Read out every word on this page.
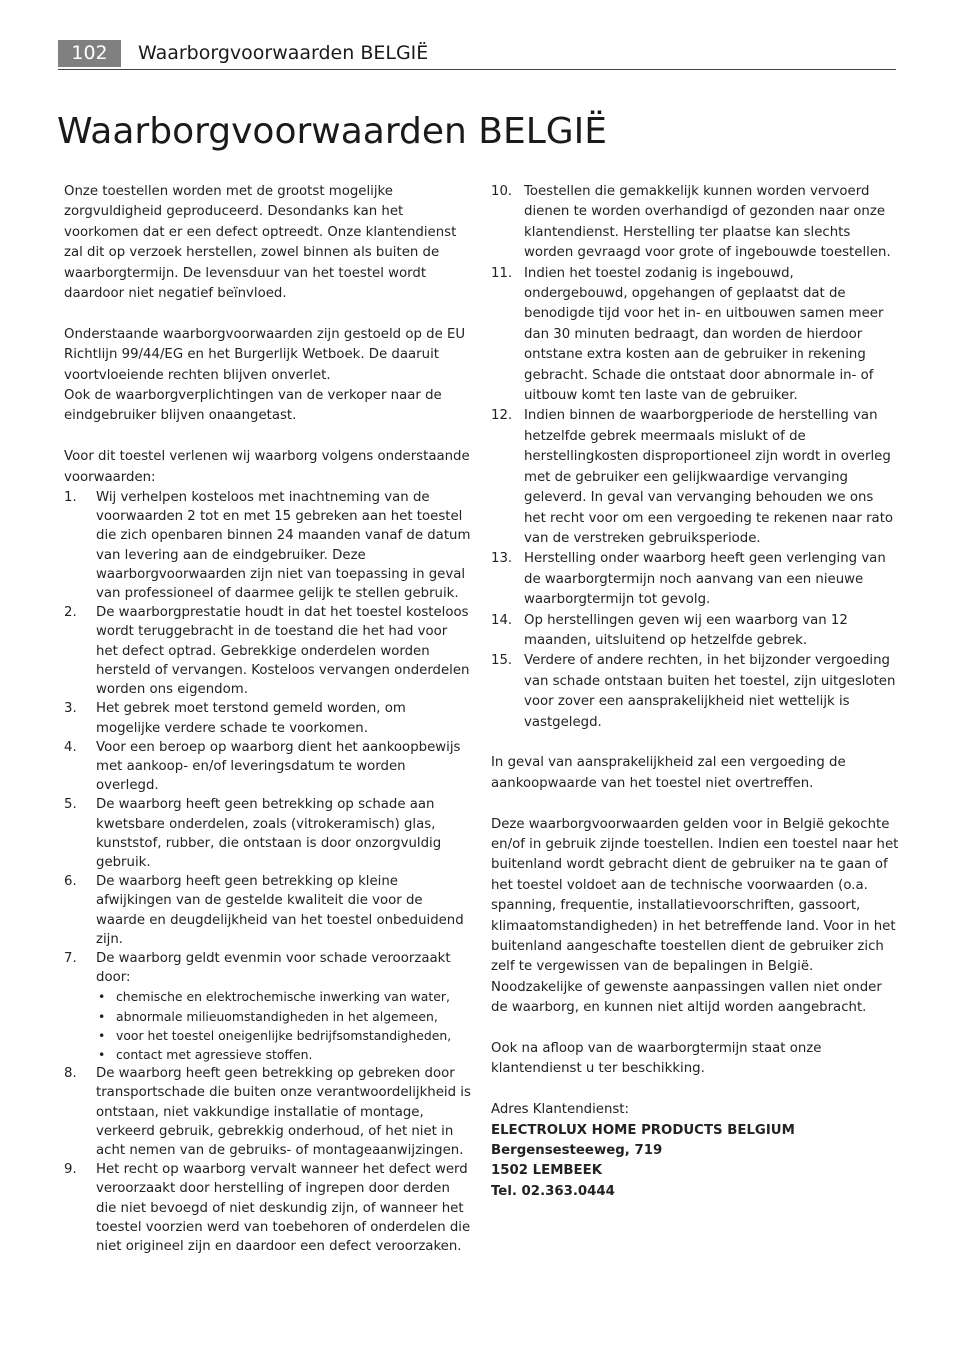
102	Waarborgvoorwaarden BELGIË
Waarborgvoorwaarden BELGIË

Onze toestellen worden met de grootst mogelijke zorgvuldigheid geproduceerd. Desondanks kan het voorkomen dat er een defect optreedt. Onze klantendienst zal dit op verzoek herstellen, zowel binnen als buiten de waarborgtermijn. De levensduur van het toestel wordt daardoor niet negatief beïnvloed.

Onderstaande waarborgvoorwaarden zijn gestoeld op de EU Richtlijn 99/44/EG en het Burgerlijk Wetboek. De daaruit voortvloeiende rechten blijven onverlet.

Ook de waarborgverplichtingen van de verkoper naar de eindgebruiker blijven onaangetast.

Voor dit toestel verlenen wij waarborg volgens onderstaande voorwaarden:

1. Wij verhelpen kosteloos met inachtneming van de voorwaarden 2 tot en met 15 gebreken aan het toestel die zich openbaren binnen 24 maanden vanaf de datum van levering aan de eindgebruiker. Deze waarborgvoorwaarden zijn niet van toepassing in geval van professioneel of daarmee gelijk te stellen gebruik.
2. De waarborgprestatie houdt in dat het toestel kosteloos wordt teruggebracht in de toestand die het had voor het defect optrad. Gebrekkige onderdelen worden hersteld of vervangen. Kosteloos vervangen onderdelen worden ons eigendom.
3. Het gebrek moet terstond gemeld worden, om mogelijke verdere schade te voorkomen.
4. Voor een beroep op waarborg dient het aankoopbewijs met aankoop- en/of leveringsdatum te worden overlegd.
5. De waarborg heeft geen betrekking op schade aan kwetsbare onderdelen, zoals (vitrokeramisch) glas, kunststof, rubber, die ontstaan is door onzorgvuldig gebruik.
6. De waarborg heeft geen betrekking op kleine afwijkingen van de gestelde kwaliteit die voor de waarde en deugdelijkheid van het toestel onbeduidend zijn.
7. De waarborg geldt evenmin voor schade veroorzaakt door:
• chemische en elektrochemische inwerking van water,
• abnormale milieuomstandigheden in het algemeen,
• voor het toestel oneigenlijke bedrijfsomstandigheden,
• contact met agressieve stoffen.
8. De waarborg heeft geen betrekking op gebreken door transportschade die buiten onze verantwoordelijkheid is ontstaan, niet vakkundige installatie of montage, verkeerd gebruik, gebrekkig onderhoud, of het niet in acht nemen van de gebruiks- of montageaanwijzingen.
9. Het recht op waarborg vervalt wanneer het defect werd veroorzaakt door herstelling of ingrepen door derden die niet bevoegd of niet deskundig zijn, of wanneer het toestel voorzien werd van toebehoren of onderdelen die niet origineel zijn en daardoor een defect veroorzaken.
10. Toestellen die gemakkelijk kunnen worden vervoerd dienen te worden overhandigd of gezonden naar onze klantendienst. Herstelling ter plaatse kan slechts worden gevraagd voor grote of ingebouwde toestellen.
11. Indien het toestel zodanig is ingebouwd, ondergebouwd, opgehangen of geplaatst dat de benodigde tijd voor het in- en uitbouwen samen meer dan 30 minuten bedraagt, dan worden de hierdoor ontstane extra kosten aan de gebruiker in rekening gebracht. Schade die ontstaat door abnormale in- of uitbouw komt ten laste van de gebruiker.
12. Indien binnen de waarborgperiode de herstelling van hetzelfde gebrek meermaals mislukt of de herstellingkosten disproportioneel zijn wordt in overleg met de gebruiker een gelijkwaardige vervanging geleverd. In geval van vervanging behouden we ons het recht voor om een vergoeding te rekenen naar rato van de verstreken gebruiksperiode.
13. Herstelling onder waarborg heeft geen verlenging van de waarborgtermijn noch aanvang van een nieuwe waarborgtermijn tot gevolg.
14. Op herstellingen geven wij een waarborg van 12 maanden, uitsluitend op hetzelfde gebrek.
15. Verdere of andere rechten, in het bijzonder vergoeding van schade ontstaan buiten het toestel, zijn uitgesloten voor zover een aansprakelijkheid niet wettelijk is vastgelegd.

In geval van aansprakelijkheid zal een vergoeding de aankoopwaarde van het toestel niet overtreffen.

Deze waarborgvoorwaarden gelden voor in België gekochte en/of in gebruik zijnde toestellen. Indien een toestel naar het buitenland wordt gebracht dient de gebruiker na te gaan of het toestel voldoet aan de technische voorwaarden (o.a. spanning, frequentie, installatievoorschriften, gassoort, klimaatomstandigheden) in het betreffende land. Voor in het buitenland aangeschafte toestellen dient de gebruiker zich zelf te vergewissen van de bepalingen in België. Noodzakelijke of gewenste aanpassingen vallen niet onder de waarborg, en kunnen niet altijd worden aangebracht.

Ook na afloop van de waarborgtermijn staat onze klantendienst u ter beschikking.

Adres Klantendienst:

ELECTROLUX HOME PRODUCTS BELGIUM

Bergensesteeweg, 719

1502 LEMBEEK

Tel. 02.363.0444
